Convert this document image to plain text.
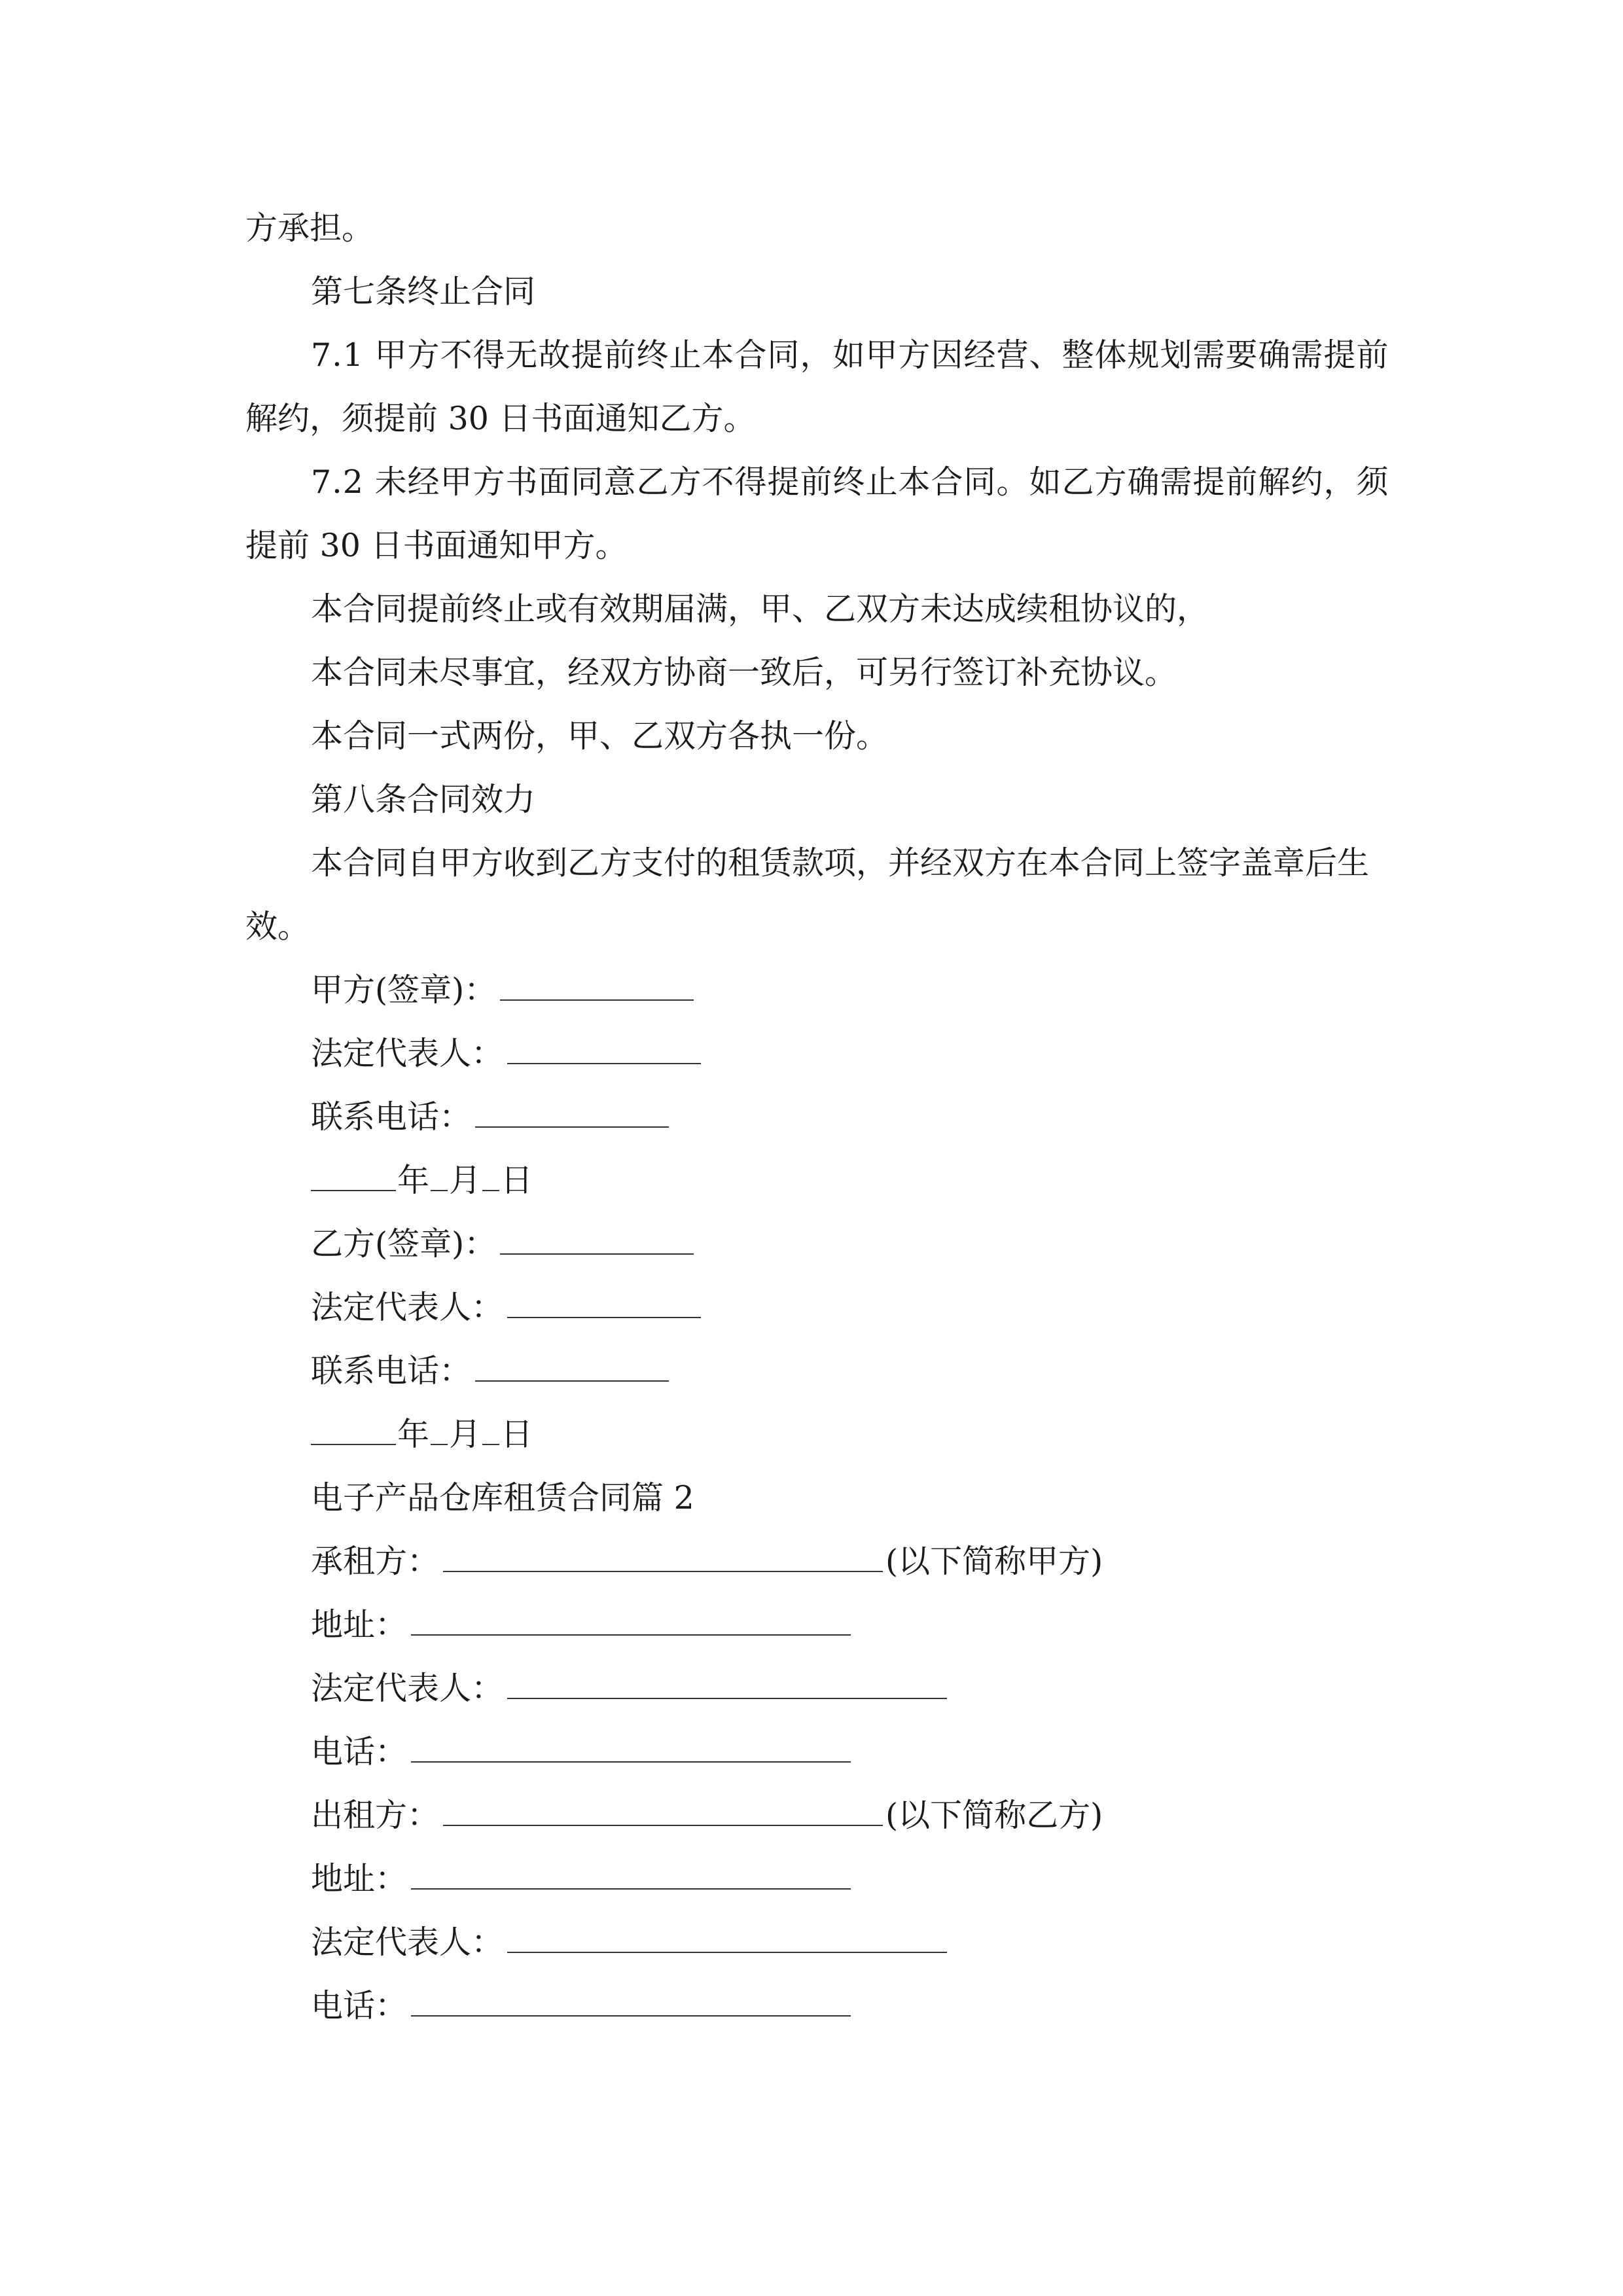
方承担。
第七条终止合同
7.1 甲方不得无故提前终止本合同，如甲方因经营、整体规划需要确需提前
解约，须提前 30 日书面通知乙方。
7.2 未经甲方书面同意乙方不得提前终止本合同。如乙方确需提前解约，须
提前 30 日书面通知甲方。
本合同提前终止或有效期届满，甲、乙双方未达成续租协议的，
本合同未尽事宜，经双方协商一致后，可另行签订补充协议。
本合同一式两份，甲、乙双方各执一份。
第八条合同效力
本合同自甲方收到乙方支付的租赁款项，并经双方在本合同上签字盖章后生
效。
甲方(签章)：
法定代表人：
联系电话：
年 月 日
乙方(签章)：
法定代表人：
联系电话：
年 月 日
电子产品仓库租赁合同篇 2
承租方：	(以下简称甲方)
地址：
法定代表人：
电话：
出租方：	(以下简称乙方)
地址：
法定代表人：
电话：
